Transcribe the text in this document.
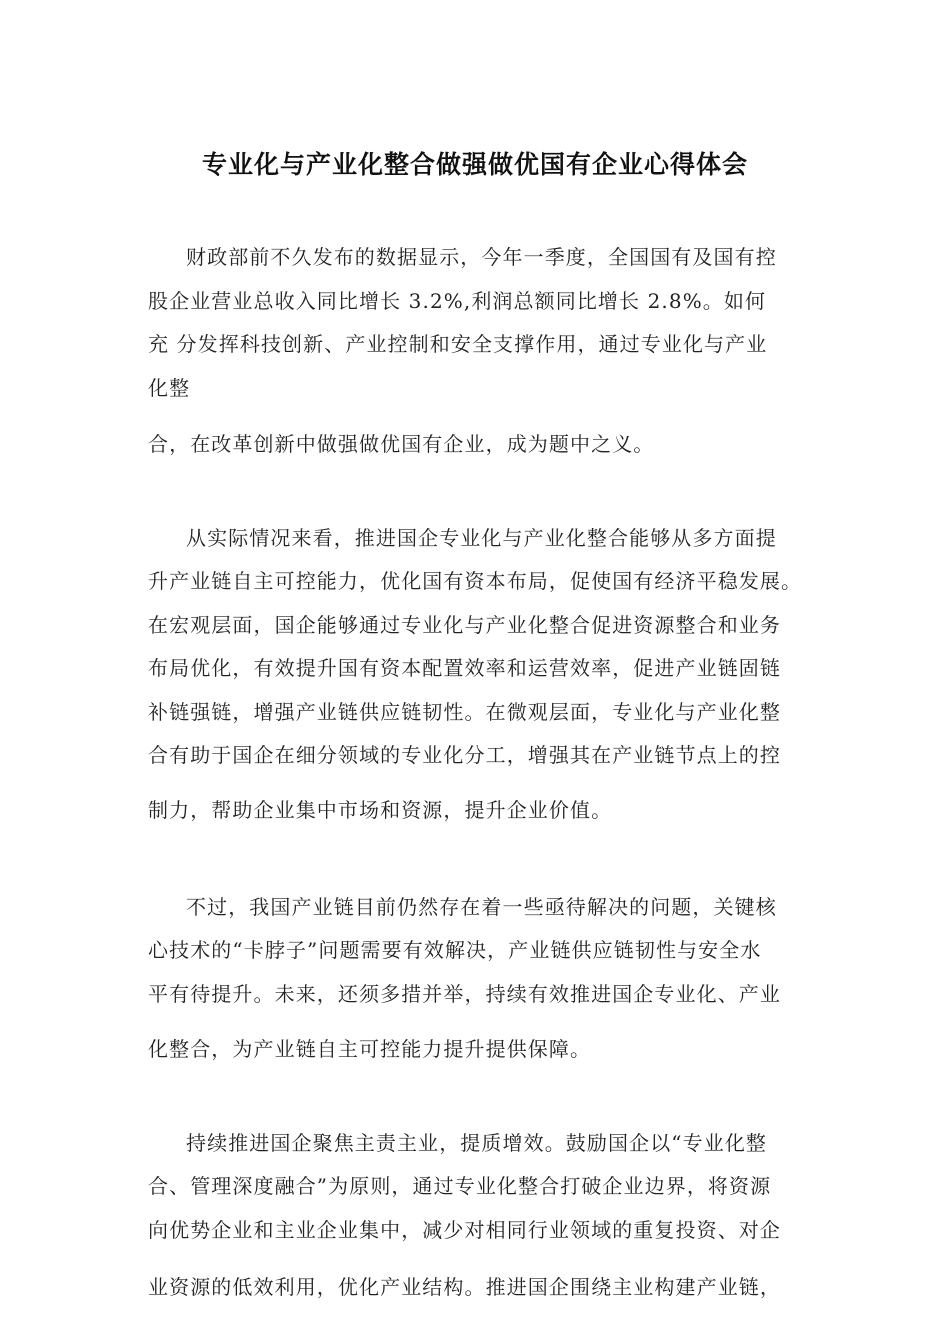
专业化与产业化整合做强做优国有企业心得体会
财政部前不久发布的数据显示，今年一季度，全国国有及国有控
股企业营业总收入同比增长 3.2%,利润总额同比增长 2.8%。如何
充 分发挥科技创新、产业控制和安全支撑作用，通过专业化与产业
化整
合，在改革创新中做强做优国有企业，成为题中之义。
从实际情况来看，推进国企专业化与产业化整合能够从多方面提
升产业链自主可控能力，优化国有资本布局，促使国有经济平稳发展。
在宏观层面，国企能够通过专业化与产业化整合促进资源整合和业务
布局优化，有效提升国有资本配置效率和运营效率，促进产业链固链
补链强链，增强产业链供应链韧性。在微观层面，专业化与产业化整
合有助于国企在细分领域的专业化分工，增强其在产业链节点上的控
制力，帮助企业集中市场和资源，提升企业价值。
不过，我国产业链目前仍然存在着一些亟待解决的问题，关键核
心技术的“卡脖子”问题需要有效解决，产业链供应链韧性与安全水
平有待提升。未来，还须多措并举，持续有效推进国企专业化、产业
化整合，为产业链自主可控能力提升提供保障。
持续推进国企聚焦主责主业，提质增效。鼓励国企以“专业化整
合、管理深度融合”为原则，通过专业化整合打破企业边界，将资源
向优势企业和主业企业集中，减少对相同行业领域的重复投资、对企
业资源的低效利用，优化产业结构。推进国企围绕主业构建产业链，
